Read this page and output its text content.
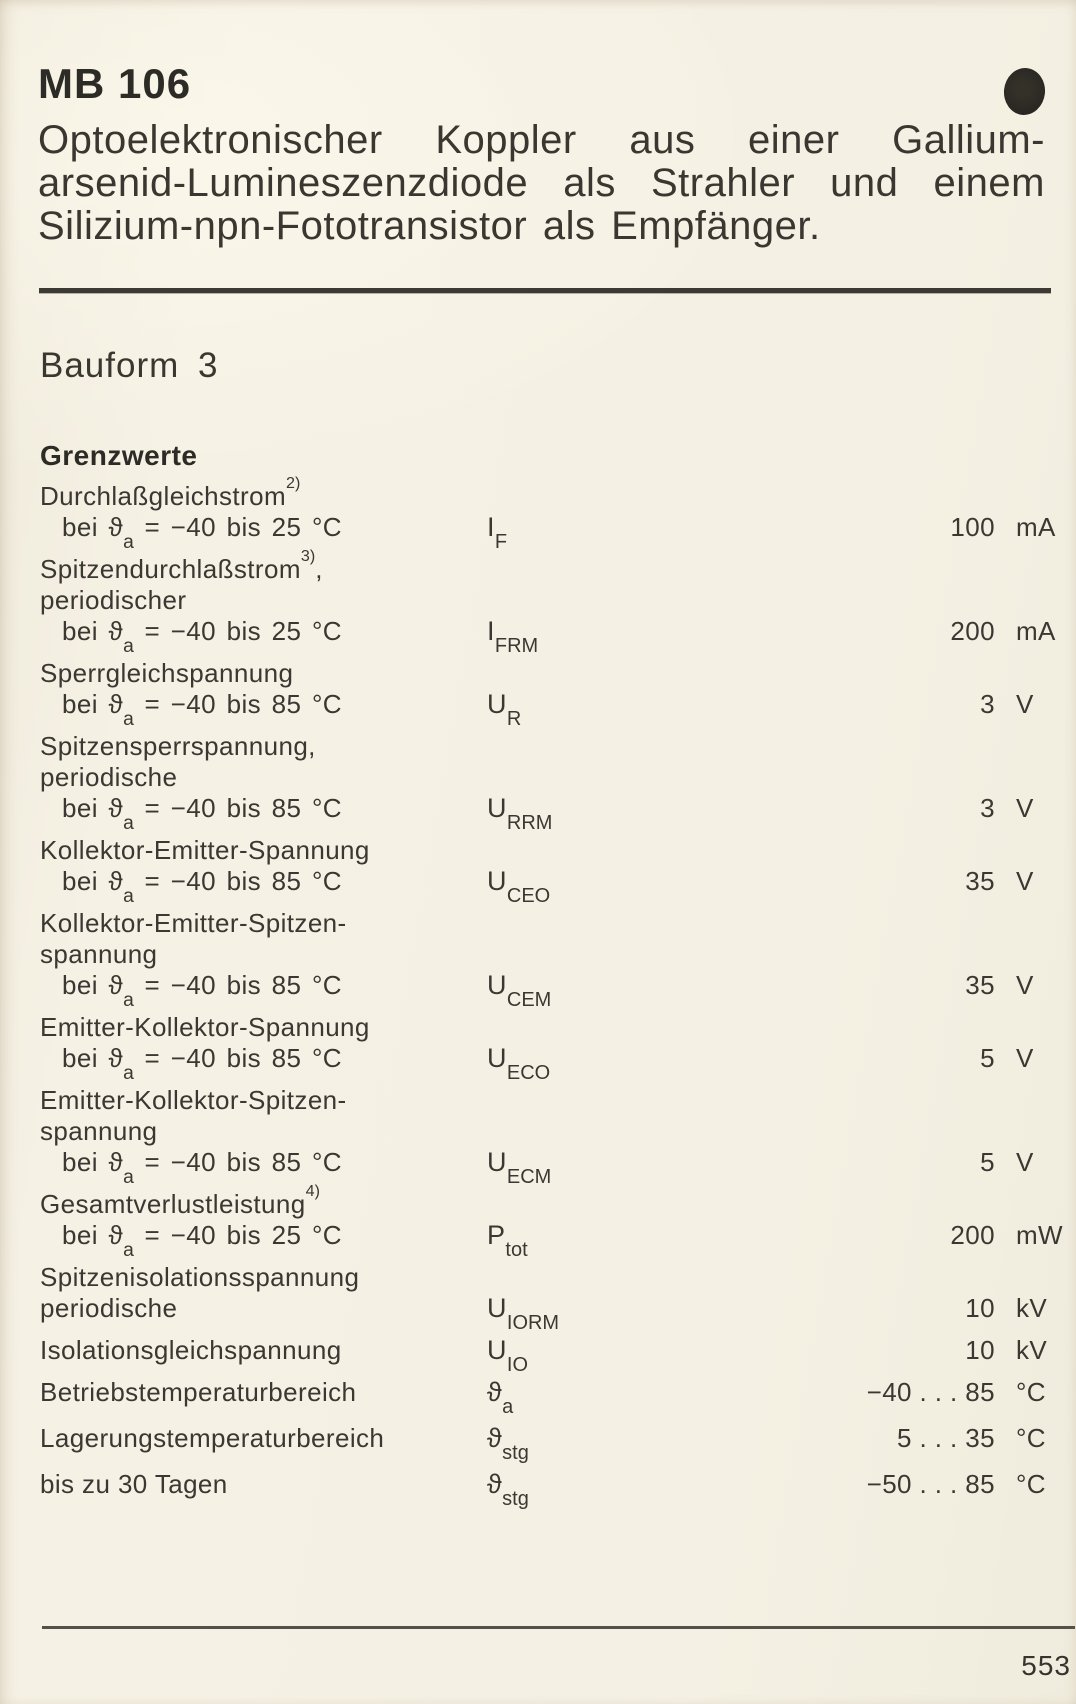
MB 106
Optoelektronischer Koppler aus einer Gallium-
arsenid-Lumineszenzdiode als Strahler und einem
Silizium-npn-Fototransistor als Empfänger.
Bauform 3
Grenzwerte
Durchlaßgleichstrom$^{2)}$
bei $ϑ_a = -40$ bis 25 °C	$I_F$	100 mA
Spitzendurchlaßstrom$^{3)}$,
periodischer
bei $ϑ_a = -40$ bis 25 °C	$I_{FRM}$	200 mA
Sperrgleichspannung
bei $ϑ_a = -40$ bis 85 °C	$U_R$	3 V
Spitzensperrspannung,
periodische
bei $ϑ_a = -40$ bis 85 °C	$U_{RRM}$	3 V
Kollektor-Emitter-Spannung
bei $ϑ_a = -40$ bis 85 °C	$U_{CEO}$	35 V
Kollektor-Emitter-Spitzen-
spannung
bei $ϑ_a = -40$ bis 85 °C	$U_{CEM}$	35 V
Emitter-Kollektor-Spannung
bei $ϑ_a = -40$ bis 85 °C	$U_{ECO}$	5 V
Emitter-Kollektor-Spitzen-
spannung
bei $ϑ_a = -40$ bis 85 °C	$U_{ECM}$	5 V
Gesamtverlustleistung$^{4)}$
bei $ϑ_a = -40$ bis 25 °C	$P_{tot}$	200 mW
Spitzenisolationsspannung
periodische	$U_{IORM}$	10 kV
Isolationsgleichspannung	$U_{IO}$	10 kV
Betriebstemperaturbereich	$ϑ_a$	−40 . . . 85 °C
Lagerungstemperaturbereich	$ϑ_{stg}$	5 . . . 35 °C
bis zu 30 Tagen	$ϑ_{stg}$	−50 . . . 85 °C
553
